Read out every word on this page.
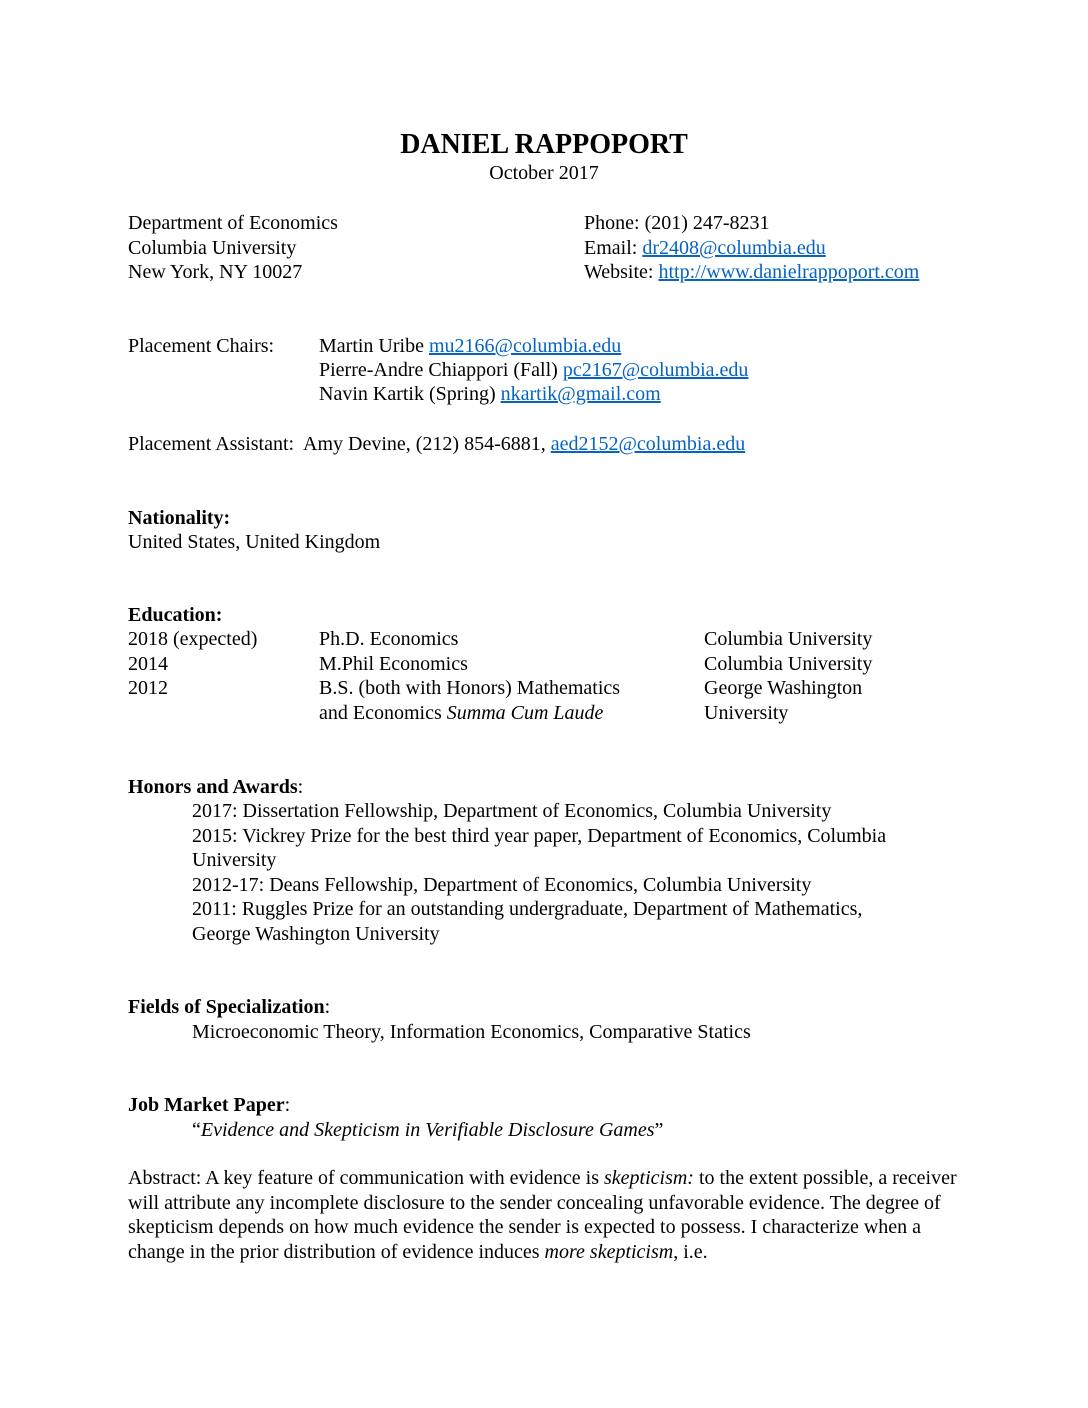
DANIEL RAPPOPORT
October 2017
Department of Economics
Columbia University
New York, NY 10027
Phone: (201) 247-8231
Email: dr2408@columbia.edu
Website: http://www.danielrappoport.com
Placement Chairs: Martin Uribe mu2166@columbia.edu
Pierre-Andre Chiappori (Fall) pc2167@columbia.edu
Navin Kartik (Spring) nkartik@gmail.com
Placement Assistant: Amy Devine, (212) 854-6881, aed2152@columbia.edu
Nationality:
United States, United Kingdom
Education:
2018 (expected)	Ph.D. Economics	Columbia University
2014	M.Phil Economics	Columbia University
2012	B.S. (both with Honors) Mathematics	George Washington
and Economics Summa Cum Laude	University
Honors and Awards:
2017: Dissertation Fellowship, Department of Economics, Columbia University
2015: Vickrey Prize for the best third year paper, Department of Economics, Columbia
University
2012-17: Deans Fellowship, Department of Economics, Columbia University
2011: Ruggles Prize for an outstanding undergraduate, Department of Mathematics,
George Washington University
Fields of Specialization:
Microeconomic Theory, Information Economics, Comparative Statics
Job Market Paper:
“Evidence and Skepticism in Verifiable Disclosure Games”
Abstract: A key feature of communication with evidence is skepticism: to the extent possible, a receiver will attribute any incomplete disclosure to the sender concealing unfavorable evidence. The degree of skepticism depends on how much evidence the sender is expected to possess. I characterize when a change in the prior distribution of evidence induces more skepticism, i.e.
